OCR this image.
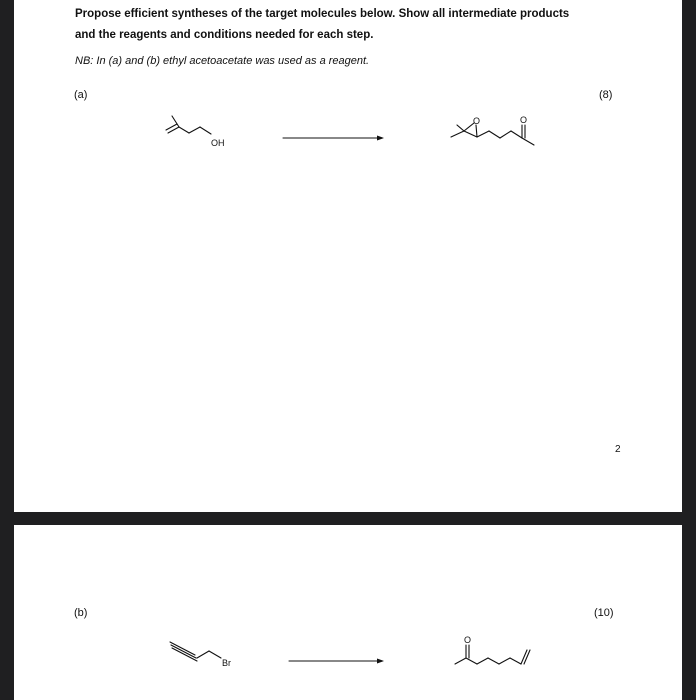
Propose efficient syntheses of the target molecules below. Show all intermediate products
and the reagents and conditions needed for each step.
NB: In (a) and (b) ethyl acetoacetate was used as a reagent.
(a)	(8)
OH
O	O
2
(b)	(10)
Br
O
